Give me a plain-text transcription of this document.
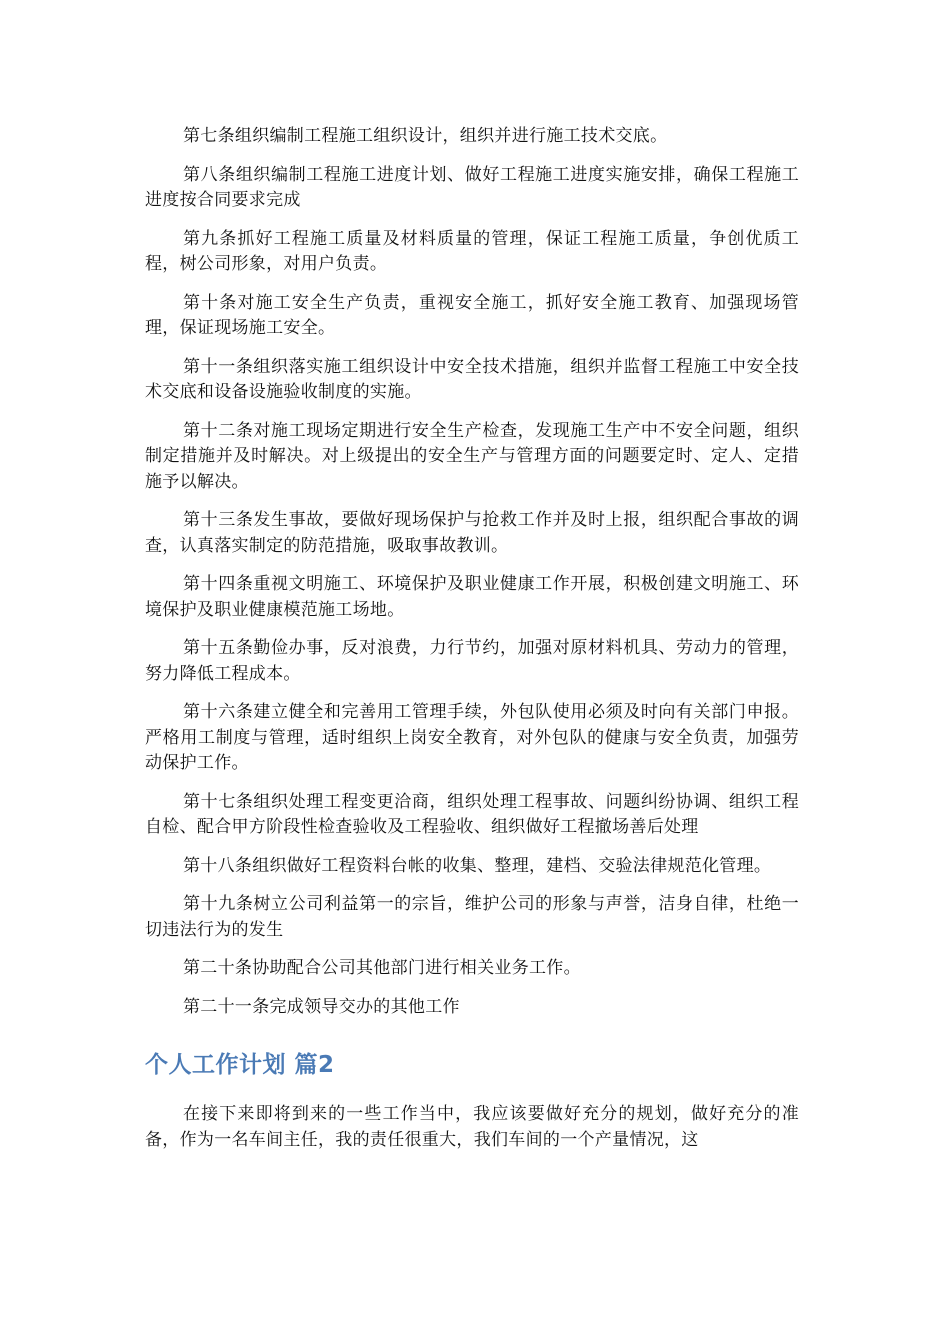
第七条组织编制工程施工组织设计，组织并进行施工技术交底。

第八条组织编制工程施工进度计划、做好工程施工进度实施安排，确保工程施工进度按合同要求完成

第九条抓好工程施工质量及材料质量的管理，保证工程施工质量，争创优质工程，树公司形象，对用户负责。

第十条对施工安全生产负责，重视安全施工，抓好安全施工教育、加强现场管理，保证现场施工安全。

第十一条组织落实施工组织设计中安全技术措施，组织并监督工程施工中安全技术交底和设备设施验收制度的实施。

第十二条对施工现场定期进行安全生产检查，发现施工生产中不安全问题，组织制定措施并及时解决。对上级提出的安全生产与管理方面的问题要定时、定人、定措施予以解决。

第十三条发生事故，要做好现场保护与抢救工作并及时上报，组织配合事故的调查，认真落实制定的防范措施，吸取事故教训。

第十四条重视文明施工、环境保护及职业健康工作开展，积极创建文明施工、环境保护及职业健康模范施工场地。

第十五条勤俭办事，反对浪费，力行节约，加强对原材料机具、劳动力的管理，努力降低工程成本。

第十六条建立健全和完善用工管理手续，外包队使用必须及时向有关部门申报。严格用工制度与管理，适时组织上岗安全教育，对外包队的健康与安全负责，加强劳动保护工作。

第十七条组织处理工程变更洽商，组织处理工程事故、问题纠纷协调、组织工程自检、配合甲方阶段性检查验收及工程验收、组织做好工程撤场善后处理

第十八条组织做好工程资料台帐的收集、整理，建档、交验法律规范化管理。

第十九条树立公司利益第一的宗旨，维护公司的形象与声誉，洁身自律，杜绝一切违法行为的发生

第二十条协助配合公司其他部门进行相关业务工作。

第二十一条完成领导交办的其他工作

个人工作计划 篇2

在接下来即将到来的一些工作当中，我应该要做好充分的规划，做好充分的准备，作为一名车间主任，我的责任很重大，我们车间的一个产量情况，这
